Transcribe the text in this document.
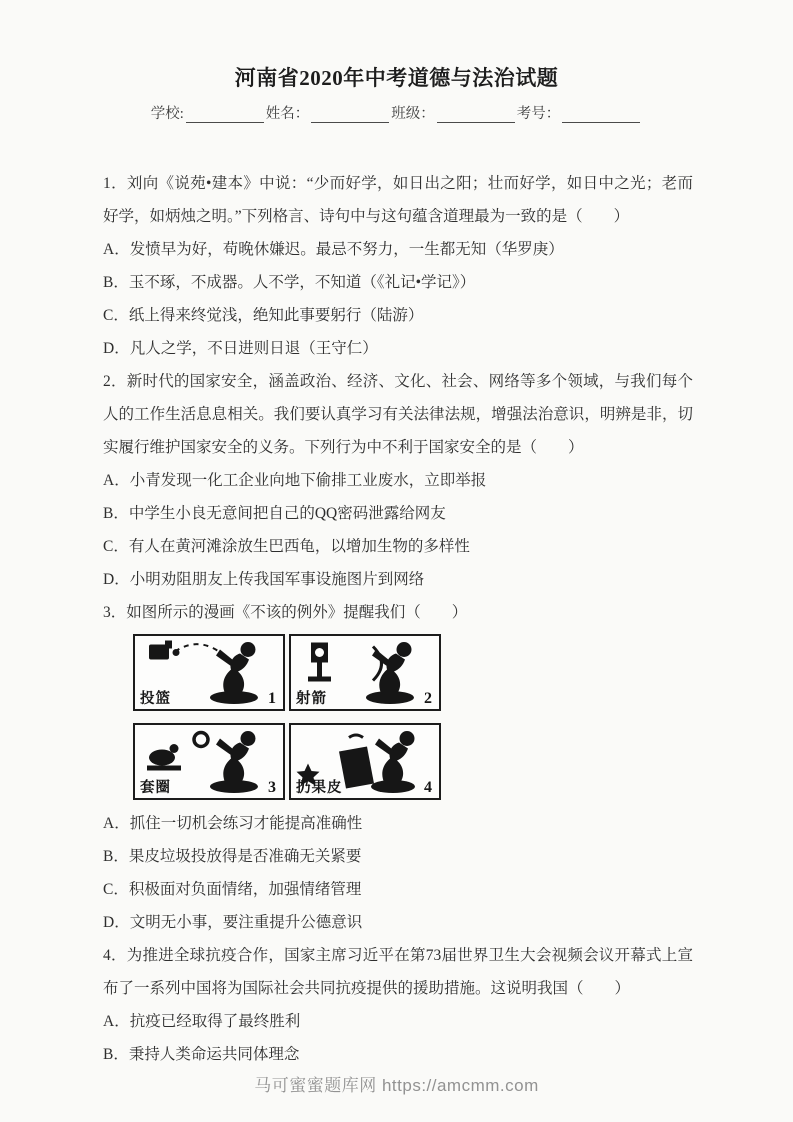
河南省2020年中考道德与法治试题
学校:	姓名：	班级：	考号：

1．刘向《说苑•建本》中说：“少而好学，如日出之阳；壮而好学，如日中之光；老而好学，如炳烛之明。”下列格言、诗句中与这句蕴含道理最为一致的是（　　）

A．发愤早为好，苟晚休嫌迟。最忌不努力，一生都无知（华罗庚）

B．玉不琢，不成器。人不学，不知道（《礼记•学记》）

C．纸上得来终觉浅，绝知此事要躬行（陆游）

D．凡人之学，不日进则日退（王守仁）

2．新时代的国家安全，涵盖政治、经济、文化、社会、网络等多个领域，与我们每个人的工作生活息息相关。我们要认真学习有关法律法规，增强法治意识，明辨是非，切实履行维护国家安全的义务。下列行为中不利于国家安全的是（　　）

A．小青发现一化工企业向地下偷排工业废水，立即举报

B．中学生小良无意间把自己的QQ密码泄露给网友

C．有人在黄河滩涂放生巴西龟，以增加生物的多样性

D．小明劝阻朋友上传我国军事设施图片到网络

3．如图所示的漫画《不该的例外》提醒我们（　　）

投篮	1 射箭	2
套圈	3 扔果皮	4

A．抓住一切机会练习才能提高准确性

B．果皮垃圾投放得是否准确无关紧要

C．积极面对负面情绪，加强情绪管理

D．文明无小事，要注重提升公德意识

4．为推进全球抗疫合作，国家主席习近平在第73届世界卫生大会视频会议开幕式上宣布了一系列中国将为国际社会共同抗疫提供的援助措施。这说明我国（　　）

A．抗疫已经取得了最终胜利

B．秉持人类命运共同体理念

马可蜜蜜题库网 https://amcmm.com
